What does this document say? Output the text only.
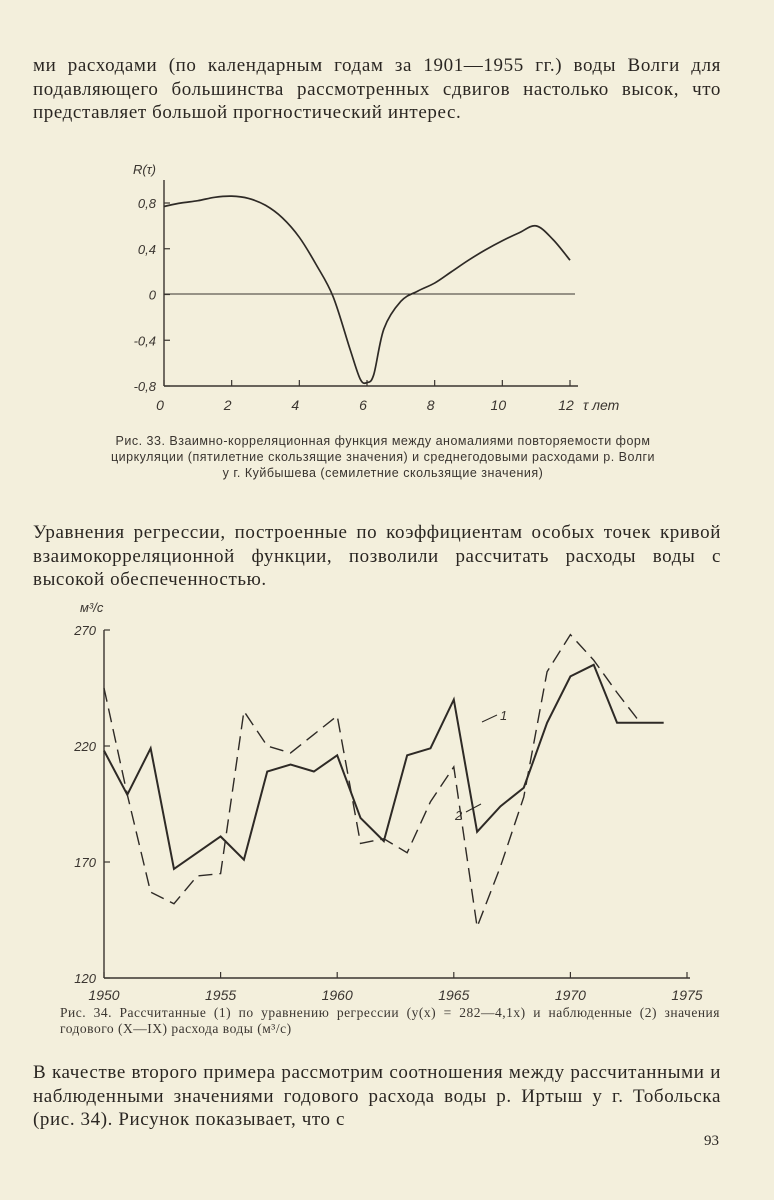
ми расходами (по календарным годам за 1901—1955 гг.) воды Волги для подавляющего большинства рассмотренных сдвигов настолько высок, что представляет большой прогностический интерес.

R(τ)
0,8
0,4
0
-0,4
-0,8
0	2	4	6	8	10	12 τ лет

Рис. 33. Взаимно-корреляционная функция между аномалиями повторяемости форм циркуляции (пятилетние скользящие значения) и среднегодовыми расходами р. Волги у г. Куйбышева (семилетние скользящие значения)

Уравнения регрессии, построенные по коэффициентам особых точек кривой взаимокорреляционной функции, позволили рассчитать расходы воды с высокой обеспеченностью.

м³/с
270
220
170
120
1950	1955	1960	1965	1970	1975
1
2

Рис. 34. Рассчитанные (1) по уравнению регрессии (y(x) = 282—4,1x) и наблюденные (2) значения годового (X—IX) расхода воды (м³/с)

В качестве второго примера рассмотрим соотношения между рассчитанными и наблюденными значениями годового расхода воды р. Иртыш у г. Тобольска (рис. 34). Рисунок показывает, что с

93
